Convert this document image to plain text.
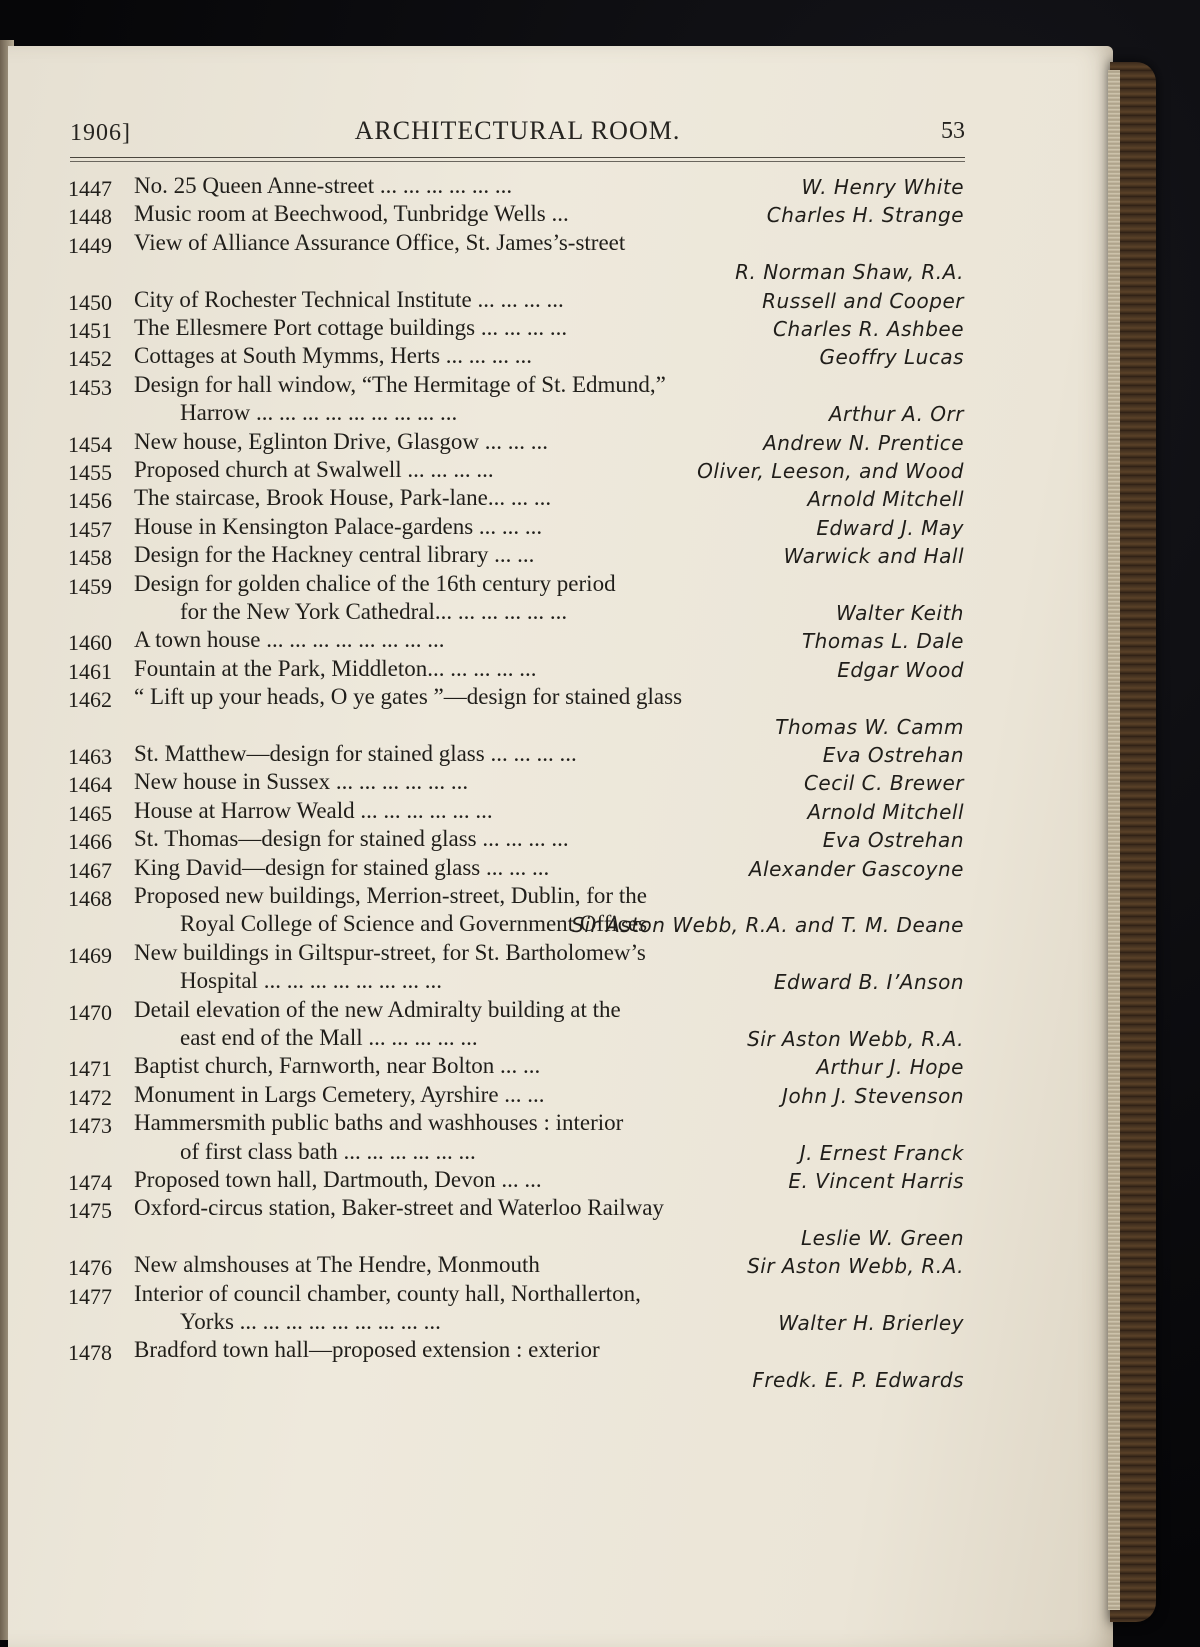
1906]	ARCHITECTURAL ROOM.	53
1447 No. 25 Queen Anne-street ... ... ... ... ... ...	W. Henry White
1448 Music room at Beechwood, Tunbridge Wells ...	Charles H. Strange
1449 View of Alliance Assurance Office, St. James’s-street
R. Norman Shaw, R.A.
1450 City of Rochester Technical Institute ... ... ... ...	Russell and Cooper
1451 The Ellesmere Port cottage buildings ... ... ... ...	Charles R. Ashbee
1452 Cottages at South Mymms, Herts ... ... ... ...	Geoffry Lucas
1453 Design for hall window, “The Hermitage of St. Edmund,”
Harrow ... ... ... ... ... ... ... ... ...	Arthur A. Orr
1454 New house, Eglinton Drive, Glasgow ... ... ...	Andrew N. Prentice
1455 Proposed church at Swalwell ... ... ... ...	Oliver, Leeson, and Wood
1456 The staircase, Brook House, Park-lane... ... ...	Arnold Mitchell
1457 House in Kensington Palace-gardens ... ... ...	Edward J. May
1458 Design for the Hackney central library ... ...	Warwick and Hall
1459 Design for golden chalice of the 16th century period
for the New York Cathedral... ... ... ... ... ...	Walter Keith
1460 A town house ... ... ... ... ... ... ... ...	Thomas L. Dale
1461 Fountain at the Park, Middleton... ... ... ... ...	Edgar Wood
1462 “ Lift up your heads, O ye gates ”—design for stained glass
Thomas W. Camm
1463 St. Matthew—design for stained glass ... ... ... ...	Eva Ostrehan
1464 New house in Sussex ... ... ... ... ... ...	Cecil C. Brewer
1465 House at Harrow Weald ... ... ... ... ... ...	Arnold Mitchell
1466 St. Thomas—design for stained glass ... ... ... ...	Eva Ostrehan
1467 King David—design for stained glass ... ... ...	Alexander Gascoyne
1468 Proposed new buildings, Merrion-street, Dublin, for the
Royal College of Science and Government Offices
Sir Aston Webb, R.A. and T. M. Deane
1469 New buildings in Giltspur-street, for St. Bartholomew’s
Hospital ... ... ... ... ... ... ... ...	Edward B. I’Anson
1470 Detail elevation of the new Admiralty building at the
east end of the Mall ... ... ... ... ...	Sir Aston Webb, R.A.
1471 Baptist church, Farnworth, near Bolton ... ...	Arthur J. Hope
1472 Monument in Largs Cemetery, Ayrshire ... ...	John J. Stevenson
1473 Hammersmith public baths and washhouses : interior
of first class bath ... ... ... ... ... ...	J. Ernest Franck
1474 Proposed town hall, Dartmouth, Devon ... ...	E. Vincent Harris
1475 Oxford-circus station, Baker-street and Waterloo Railway
Leslie W. Green
1476 New almshouses at The Hendre, Monmouth	Sir Aston Webb, R.A.
1477 Interior of council chamber, county hall, Northallerton,
Yorks ... ... ... ... ... ... ... ... ...	Walter H. Brierley
1478 Bradford town hall—proposed extension : exterior
Fredk. E. P. Edwards
